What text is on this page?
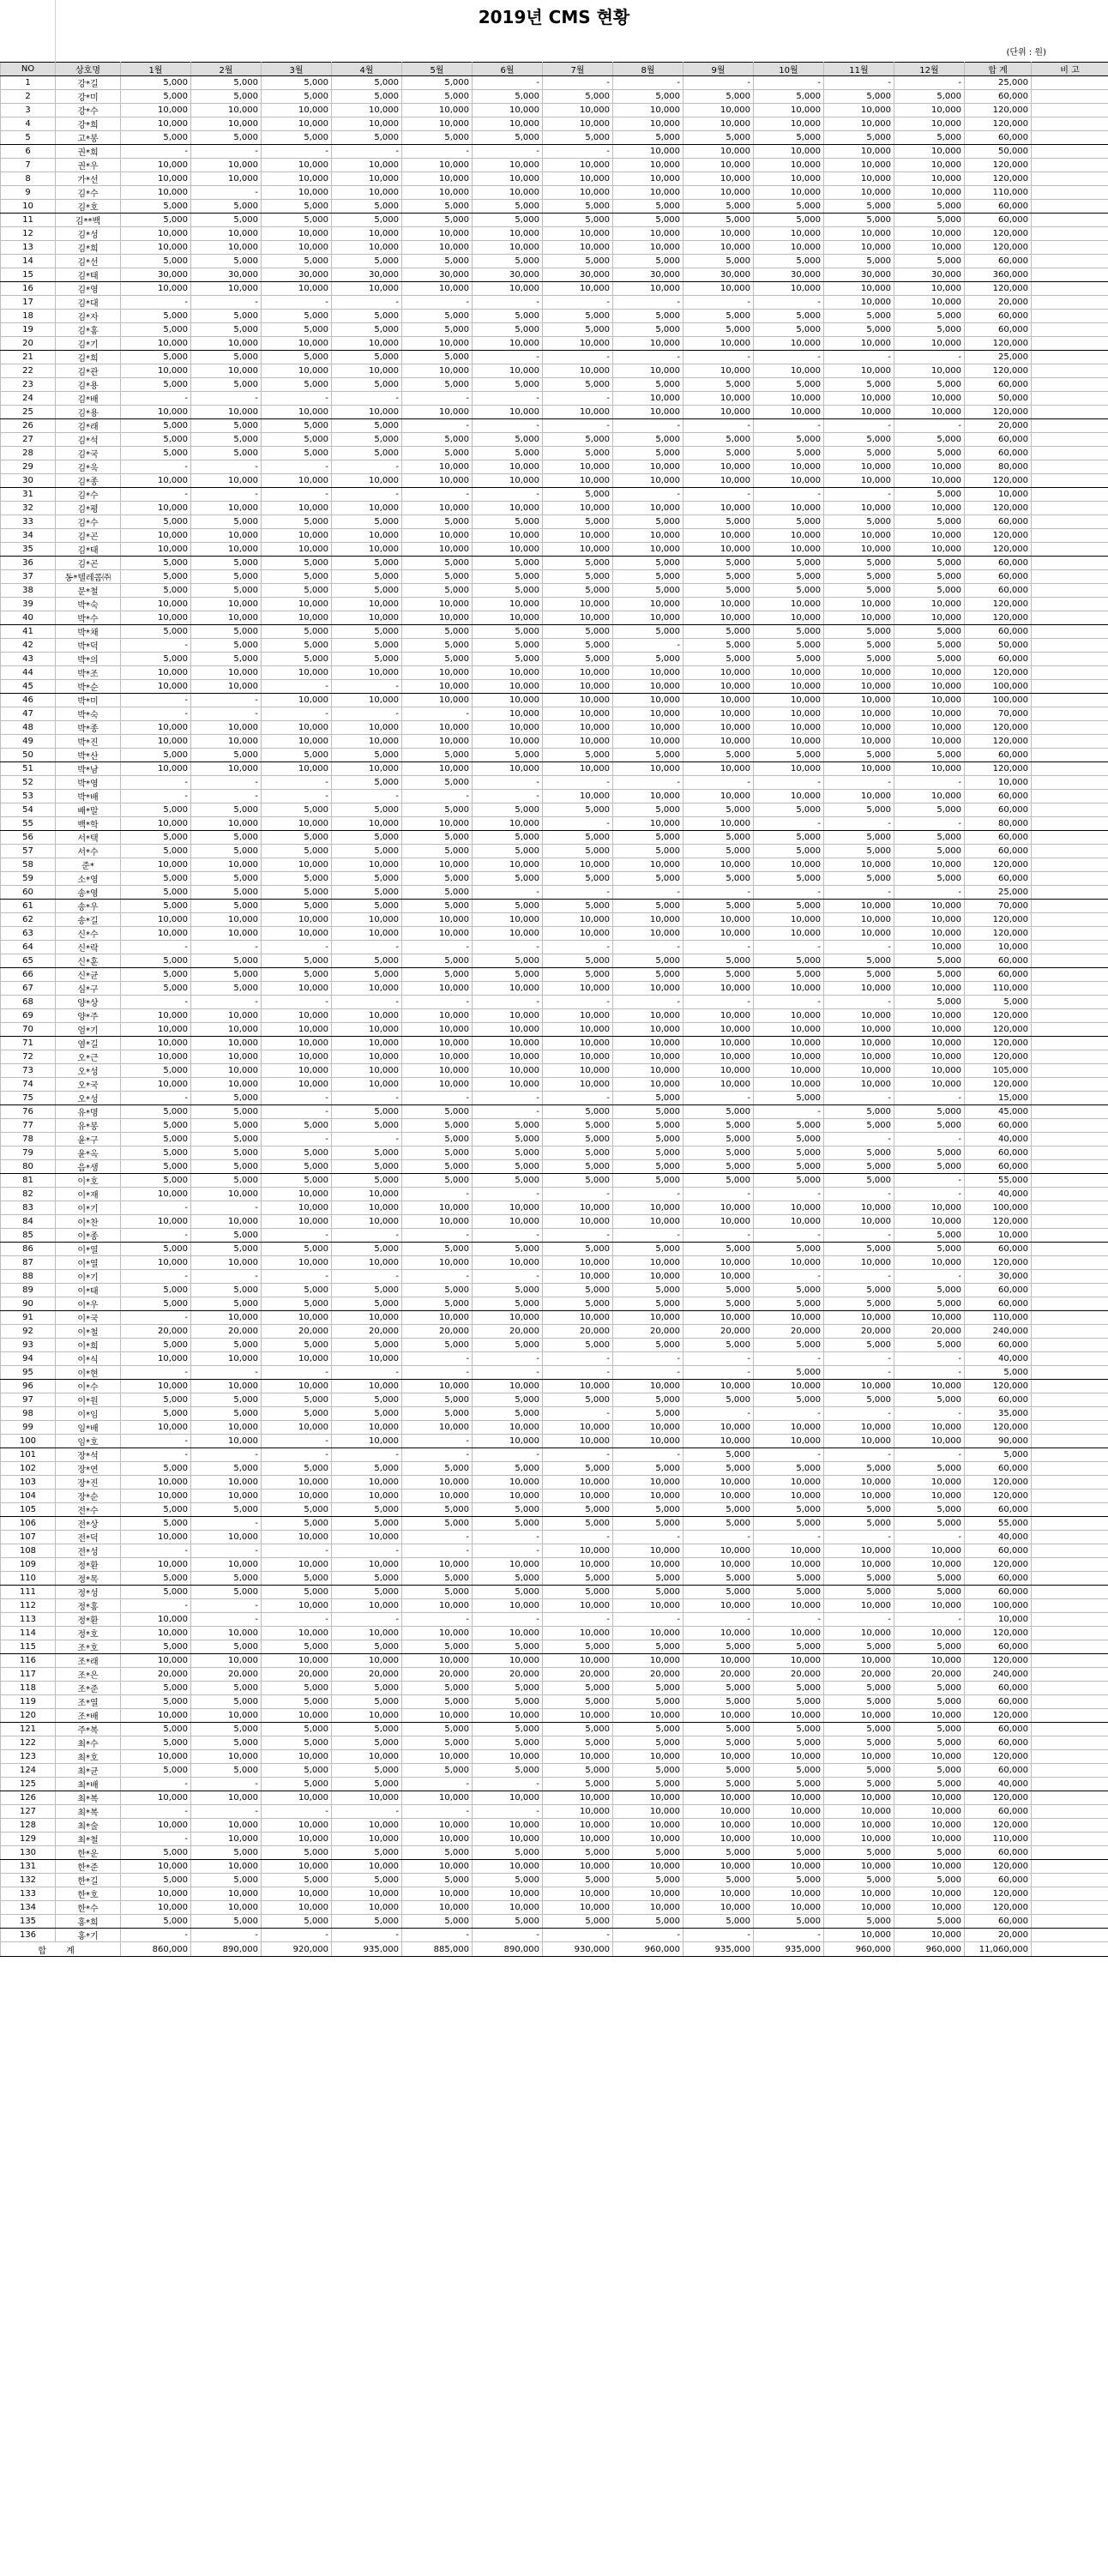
2019년 CMS 현황
(단위 : 원)
NO	상호명	1월	2월	3월	4월	5월	6월	7월	8월	9월	10월	11월	12월	합 계	비 고
1	강*길	5,000	5,000	5,000	5,000	5,000	-	-	-	-	-	-	-	25,000	
2	강*미	5,000	5,000	5,000	5,000	5,000	5,000	5,000	5,000	5,000	5,000	5,000	5,000	60,000	
3	강*수	10,000	10,000	10,000	10,000	10,000	10,000	10,000	10,000	10,000	10,000	10,000	10,000	120,000	
4	강*희	10,000	10,000	10,000	10,000	10,000	10,000	10,000	10,000	10,000	10,000	10,000	10,000	120,000	
5	고*봉	5,000	5,000	5,000	5,000	5,000	5,000	5,000	5,000	5,000	5,000	5,000	5,000	60,000	
6	권*희	-	-	-	-	-	-	-	10,000	10,000	10,000	10,000	10,000	50,000	
7	권*우	10,000	10,000	10,000	10,000	10,000	10,000	10,000	10,000	10,000	10,000	10,000	10,000	120,000	
8	가*선	10,000	10,000	10,000	10,000	10,000	10,000	10,000	10,000	10,000	10,000	10,000	10,000	120,000	
9	김*수	10,000	-	10,000	10,000	10,000	10,000	10,000	10,000	10,000	10,000	10,000	10,000	110,000	
10	김*호	5,000	5,000	5,000	5,000	5,000	5,000	5,000	5,000	5,000	5,000	5,000	5,000	60,000	
11	김**백	5,000	5,000	5,000	5,000	5,000	5,000	5,000	5,000	5,000	5,000	5,000	5,000	60,000	
12	김*성	10,000	10,000	10,000	10,000	10,000	10,000	10,000	10,000	10,000	10,000	10,000	10,000	120,000	
13	김*희	10,000	10,000	10,000	10,000	10,000	10,000	10,000	10,000	10,000	10,000	10,000	10,000	120,000	
14	김*선	5,000	5,000	5,000	5,000	5,000	5,000	5,000	5,000	5,000	5,000	5,000	5,000	60,000	
15	김*태	30,000	30,000	30,000	30,000	30,000	30,000	30,000	30,000	30,000	30,000	30,000	30,000	360,000	
16	김*영	10,000	10,000	10,000	10,000	10,000	10,000	10,000	10,000	10,000	10,000	10,000	10,000	120,000	
17	김*대	-	-	-	-	-	-	-	-	-	-	10,000	10,000	20,000	
18	김*자	5,000	5,000	5,000	5,000	5,000	5,000	5,000	5,000	5,000	5,000	5,000	5,000	60,000	
19	김*홍	5,000	5,000	5,000	5,000	5,000	5,000	5,000	5,000	5,000	5,000	5,000	5,000	60,000	
20	김*기	10,000	10,000	10,000	10,000	10,000	10,000	10,000	10,000	10,000	10,000	10,000	10,000	120,000	
21	김*희	5,000	5,000	5,000	5,000	5,000	-	-	-	-	-	-	-	25,000	
22	김*관	10,000	10,000	10,000	10,000	10,000	10,000	10,000	10,000	10,000	10,000	10,000	10,000	120,000	
23	김*용	5,000	5,000	5,000	5,000	5,000	5,000	5,000	5,000	5,000	5,000	5,000	5,000	60,000	
24	김*배	-	-	-	-	-	-	-	10,000	10,000	10,000	10,000	10,000	50,000	
25	김*용	10,000	10,000	10,000	10,000	10,000	10,000	10,000	10,000	10,000	10,000	10,000	10,000	120,000	
26	김*래	5,000	5,000	5,000	5,000	-	-	-	-	-	-	-	-	20,000	
27	김*석	5,000	5,000	5,000	5,000	5,000	5,000	5,000	5,000	5,000	5,000	5,000	5,000	60,000	
28	김*국	5,000	5,000	5,000	5,000	5,000	5,000	5,000	5,000	5,000	5,000	5,000	5,000	60,000	
29	김*욱	-	-	-	-	10,000	10,000	10,000	10,000	10,000	10,000	10,000	10,000	80,000	
30	김*종	10,000	10,000	10,000	10,000	10,000	10,000	10,000	10,000	10,000	10,000	10,000	10,000	120,000	
31	김*수	-	-	-	-	-	-	5,000	-	-	-	-	5,000	10,000	
32	김*평	10,000	10,000	10,000	10,000	10,000	10,000	10,000	10,000	10,000	10,000	10,000	10,000	120,000	
33	김*수	5,000	5,000	5,000	5,000	5,000	5,000	5,000	5,000	5,000	5,000	5,000	5,000	60,000	
34	김*곤	10,000	10,000	10,000	10,000	10,000	10,000	10,000	10,000	10,000	10,000	10,000	10,000	120,000	
35	김*태	10,000	10,000	10,000	10,000	10,000	10,000	10,000	10,000	10,000	10,000	10,000	10,000	120,000	
36	김*곤	5,000	5,000	5,000	5,000	5,000	5,000	5,000	5,000	5,000	5,000	5,000	5,000	60,000	
37	동*텔레콤㈜	5,000	5,000	5,000	5,000	5,000	5,000	5,000	5,000	5,000	5,000	5,000	5,000	60,000	
38	문*철	5,000	5,000	5,000	5,000	5,000	5,000	5,000	5,000	5,000	5,000	5,000	5,000	60,000	
39	박*숙	10,000	10,000	10,000	10,000	10,000	10,000	10,000	10,000	10,000	10,000	10,000	10,000	120,000	
40	박*수	10,000	10,000	10,000	10,000	10,000	10,000	10,000	10,000	10,000	10,000	10,000	10,000	120,000	
41	박*채	5,000	5,000	5,000	5,000	5,000	5,000	5,000	5,000	5,000	5,000	5,000	5,000	60,000	
42	박*덕	-	5,000	5,000	5,000	5,000	5,000	5,000	-	5,000	5,000	5,000	5,000	50,000	
43	박*의	5,000	5,000	5,000	5,000	5,000	5,000	5,000	5,000	5,000	5,000	5,000	5,000	60,000	
44	박*조	10,000	10,000	10,000	10,000	10,000	10,000	10,000	10,000	10,000	10,000	10,000	10,000	120,000	
45	박*순	10,000	10,000	-	-	10,000	10,000	10,000	10,000	10,000	10,000	10,000	10,000	100,000	
46	박*미	-	-	10,000	10,000	10,000	10,000	10,000	10,000	10,000	10,000	10,000	10,000	100,000	
47	박*숙	-	-	-	-	-	10,000	10,000	10,000	10,000	10,000	10,000	10,000	70,000	
48	박*종	10,000	10,000	10,000	10,000	10,000	10,000	10,000	10,000	10,000	10,000	10,000	10,000	120,000	
49	박*진	10,000	10,000	10,000	10,000	10,000	10,000	10,000	10,000	10,000	10,000	10,000	10,000	120,000	
50	박*산	5,000	5,000	5,000	5,000	5,000	5,000	5,000	5,000	5,000	5,000	5,000	5,000	60,000	
51	박*남	10,000	10,000	10,000	10,000	10,000	10,000	10,000	10,000	10,000	10,000	10,000	10,000	120,000	
52	박*영	-	-	-	5,000	5,000	-	-	-	-	-	-	-	10,000	
53	박*배	-	-	-	-	-	-	10,000	10,000	10,000	10,000	10,000	10,000	60,000	
54	배*말	5,000	5,000	5,000	5,000	5,000	5,000	5,000	5,000	5,000	5,000	5,000	5,000	60,000	
55	백*학	10,000	10,000	10,000	10,000	10,000	10,000	-	10,000	10,000	-	-	-	80,000	
56	서*택	5,000	5,000	5,000	5,000	5,000	5,000	5,000	5,000	5,000	5,000	5,000	5,000	60,000	
57	서*수	5,000	5,000	5,000	5,000	5,000	5,000	5,000	5,000	5,000	5,000	5,000	5,000	60,000	
58	준*	10,000	10,000	10,000	10,000	10,000	10,000	10,000	10,000	10,000	10,000	10,000	10,000	120,000	
59	소*영	5,000	5,000	5,000	5,000	5,000	5,000	5,000	5,000	5,000	5,000	5,000	5,000	60,000	
60	송*영	5,000	5,000	5,000	5,000	5,000	-	-	-	-	-	-	-	25,000	
61	송*우	5,000	5,000	5,000	5,000	5,000	5,000	5,000	5,000	5,000	5,000	10,000	10,000	70,000	
62	송*길	10,000	10,000	10,000	10,000	10,000	10,000	10,000	10,000	10,000	10,000	10,000	10,000	120,000	
63	신*수	10,000	10,000	10,000	10,000	10,000	10,000	10,000	10,000	10,000	10,000	10,000	10,000	120,000	
64	신*락	-	-	-	-	-	-	-	-	-	-	-	10,000	10,000	
65	신*훈	5,000	5,000	5,000	5,000	5,000	5,000	5,000	5,000	5,000	5,000	5,000	5,000	60,000	
66	신*균	5,000	5,000	5,000	5,000	5,000	5,000	5,000	5,000	5,000	5,000	5,000	5,000	60,000	
67	심*구	5,000	5,000	10,000	10,000	10,000	10,000	10,000	10,000	10,000	10,000	10,000	10,000	110,000	
68	양*상	-	-	-	-	-	-	-	-	-	-	-	5,000	5,000	
69	양*주	10,000	10,000	10,000	10,000	10,000	10,000	10,000	10,000	10,000	10,000	10,000	10,000	120,000	
70	엄*기	10,000	10,000	10,000	10,000	10,000	10,000	10,000	10,000	10,000	10,000	10,000	10,000	120,000	
71	염*길	10,000	10,000	10,000	10,000	10,000	10,000	10,000	10,000	10,000	10,000	10,000	10,000	120,000	
72	오*근	10,000	10,000	10,000	10,000	10,000	10,000	10,000	10,000	10,000	10,000	10,000	10,000	120,000	
73	오*성	5,000	10,000	10,000	10,000	10,000	10,000	10,000	10,000	10,000	10,000	10,000	10,000	105,000	
74	오*국	10,000	10,000	10,000	10,000	10,000	10,000	10,000	10,000	10,000	10,000	10,000	10,000	120,000	
75	오*성	-	5,000	-	-	-	-	-	5,000	-	5,000	-	-	15,000	
76	유*명	5,000	5,000	-	5,000	5,000	-	5,000	5,000	5,000	-	5,000	5,000	45,000	
77	유*봉	5,000	5,000	5,000	5,000	5,000	5,000	5,000	5,000	5,000	5,000	5,000	5,000	60,000	
78	윤*구	5,000	5,000	-	-	5,000	5,000	5,000	5,000	5,000	5,000	-	-	40,000	
79	윤*옥	5,000	5,000	5,000	5,000	5,000	5,000	5,000	5,000	5,000	5,000	5,000	5,000	60,000	
80	음*생	5,000	5,000	5,000	5,000	5,000	5,000	5,000	5,000	5,000	5,000	5,000	5,000	60,000	
81	이*호	5,000	5,000	5,000	5,000	5,000	5,000	5,000	5,000	5,000	5,000	5,000	-	55,000	
82	이*재	10,000	10,000	10,000	10,000	-	-	-	-	-	-	-	-	40,000	
83	이*기	-	-	10,000	10,000	10,000	10,000	10,000	10,000	10,000	10,000	10,000	10,000	100,000	
84	이*찬	10,000	10,000	10,000	10,000	10,000	10,000	10,000	10,000	10,000	10,000	10,000	10,000	120,000	
85	이*종	-	5,000	-	-	-	-	-	-	-	-	-	5,000	10,000	
86	이*열	5,000	5,000	5,000	5,000	5,000	5,000	5,000	5,000	5,000	5,000	5,000	5,000	60,000	
87	이*열	10,000	10,000	10,000	10,000	10,000	10,000	10,000	10,000	10,000	10,000	10,000	10,000	120,000	
88	이*기	-	-	-	-	-	-	10,000	10,000	10,000	-	-	-	30,000	
89	이*태	5,000	5,000	5,000	5,000	5,000	5,000	5,000	5,000	5,000	5,000	5,000	5,000	60,000	
90	이*우	5,000	5,000	5,000	5,000	5,000	5,000	5,000	5,000	5,000	5,000	5,000	5,000	60,000	
91	이*국	-	10,000	10,000	10,000	10,000	10,000	10,000	10,000	10,000	10,000	10,000	10,000	110,000	
92	이*철	20,000	20,000	20,000	20,000	20,000	20,000	20,000	20,000	20,000	20,000	20,000	20,000	240,000	
93	이*희	5,000	5,000	5,000	5,000	5,000	5,000	5,000	5,000	5,000	5,000	5,000	5,000	60,000	
94	이*식	10,000	10,000	10,000	10,000	-	-	-	-	-	-	-	-	40,000	
95	이*현	-	-	-	-	-	-	-	-	-	5,000	-	-	5,000	
96	이*수	10,000	10,000	10,000	10,000	10,000	10,000	10,000	10,000	10,000	10,000	10,000	10,000	120,000	
97	이*원	5,000	5,000	5,000	5,000	5,000	5,000	5,000	5,000	5,000	5,000	5,000	5,000	60,000	
98	이*임	5,000	5,000	5,000	5,000	5,000	5,000	-	5,000	-	-	-	-	35,000	
99	임*배	10,000	10,000	10,000	10,000	10,000	10,000	10,000	10,000	10,000	10,000	10,000	10,000	120,000	
100	임*호	-	10,000	-	10,000	-	10,000	10,000	10,000	10,000	10,000	10,000	10,000	90,000	
101	장*석	-	-	-	-	-	-	-	-	5,000	-	-	-	5,000	
102	장*연	5,000	5,000	5,000	5,000	5,000	5,000	5,000	5,000	5,000	5,000	5,000	5,000	60,000	
103	장*진	10,000	10,000	10,000	10,000	10,000	10,000	10,000	10,000	10,000	10,000	10,000	10,000	120,000	
104	장*순	10,000	10,000	10,000	10,000	10,000	10,000	10,000	10,000	10,000	10,000	10,000	10,000	120,000	
105	전*수	5,000	5,000	5,000	5,000	5,000	5,000	5,000	5,000	5,000	5,000	5,000	5,000	60,000	
106	전*상	5,000	-	5,000	5,000	5,000	5,000	5,000	5,000	5,000	5,000	5,000	5,000	55,000	
107	전*덕	10,000	10,000	10,000	10,000	-	-	-	-	-	-	-	-	40,000	
108	전*성	-	-	-	-	-	-	10,000	10,000	10,000	10,000	10,000	10,000	60,000	
109	정*환	10,000	10,000	10,000	10,000	10,000	10,000	10,000	10,000	10,000	10,000	10,000	10,000	120,000	
110	정*목	5,000	5,000	5,000	5,000	5,000	5,000	5,000	5,000	5,000	5,000	5,000	5,000	60,000	
111	정*성	5,000	5,000	5,000	5,000	5,000	5,000	5,000	5,000	5,000	5,000	5,000	5,000	60,000	
112	정*홍	-	-	10,000	10,000	10,000	10,000	10,000	10,000	10,000	10,000	10,000	10,000	100,000	
113	정*환	10,000	-	-	-	-	-	-	-	-	-	-	-	10,000	
114	정*호	10,000	10,000	10,000	10,000	10,000	10,000	10,000	10,000	10,000	10,000	10,000	10,000	120,000	
115	조*호	5,000	5,000	5,000	5,000	5,000	5,000	5,000	5,000	5,000	5,000	5,000	5,000	60,000	
116	조*래	10,000	10,000	10,000	10,000	10,000	10,000	10,000	10,000	10,000	10,000	10,000	10,000	120,000	
117	조*은	20,000	20,000	20,000	20,000	20,000	20,000	20,000	20,000	20,000	20,000	20,000	20,000	240,000	
118	조*준	5,000	5,000	5,000	5,000	5,000	5,000	5,000	5,000	5,000	5,000	5,000	5,000	60,000	
119	조*열	5,000	5,000	5,000	5,000	5,000	5,000	5,000	5,000	5,000	5,000	5,000	5,000	60,000	
120	조*배	10,000	10,000	10,000	10,000	10,000	10,000	10,000	10,000	10,000	10,000	10,000	10,000	120,000	
121	주*복	5,000	5,000	5,000	5,000	5,000	5,000	5,000	5,000	5,000	5,000	5,000	5,000	60,000	
122	최*수	5,000	5,000	5,000	5,000	5,000	5,000	5,000	5,000	5,000	5,000	5,000	5,000	60,000	
123	최*호	10,000	10,000	10,000	10,000	10,000	10,000	10,000	10,000	10,000	10,000	10,000	10,000	120,000	
124	최*균	5,000	5,000	5,000	5,000	5,000	5,000	5,000	5,000	5,000	5,000	5,000	5,000	60,000	
125	최*배	-	-	5,000	5,000	-	-	5,000	5,000	5,000	5,000	5,000	5,000	40,000	
126	최*복	10,000	10,000	10,000	10,000	10,000	10,000	10,000	10,000	10,000	10,000	10,000	10,000	120,000	
127	최*복	-	-	-	-	-	-	10,000	10,000	10,000	10,000	10,000	10,000	60,000	
128	최*술	10,000	10,000	10,000	10,000	10,000	10,000	10,000	10,000	10,000	10,000	10,000	10,000	120,000	
129	최*철	-	10,000	10,000	10,000	10,000	10,000	10,000	10,000	10,000	10,000	10,000	10,000	110,000	
130	한*운	5,000	5,000	5,000	5,000	5,000	5,000	5,000	5,000	5,000	5,000	5,000	5,000	60,000	
131	한*준	10,000	10,000	10,000	10,000	10,000	10,000	10,000	10,000	10,000	10,000	10,000	10,000	120,000	
132	한*길	5,000	5,000	5,000	5,000	5,000	5,000	5,000	5,000	5,000	5,000	5,000	5,000	60,000	
133	한*호	10,000	10,000	10,000	10,000	10,000	10,000	10,000	10,000	10,000	10,000	10,000	10,000	120,000	
134	한*수	10,000	10,000	10,000	10,000	10,000	10,000	10,000	10,000	10,000	10,000	10,000	10,000	120,000	
135	홍*희	5,000	5,000	5,000	5,000	5,000	5,000	5,000	5,000	5,000	5,000	5,000	5,000	60,000	
136	홍*기	-	-	-	-	-	-	-	-	-	-	10,000	10,000	20,000	
합 계		860,000	890,000	920,000	935,000	885,000	890,000	930,000	960,000	935,000	935,000	960,000	960,000	11,060,000	
